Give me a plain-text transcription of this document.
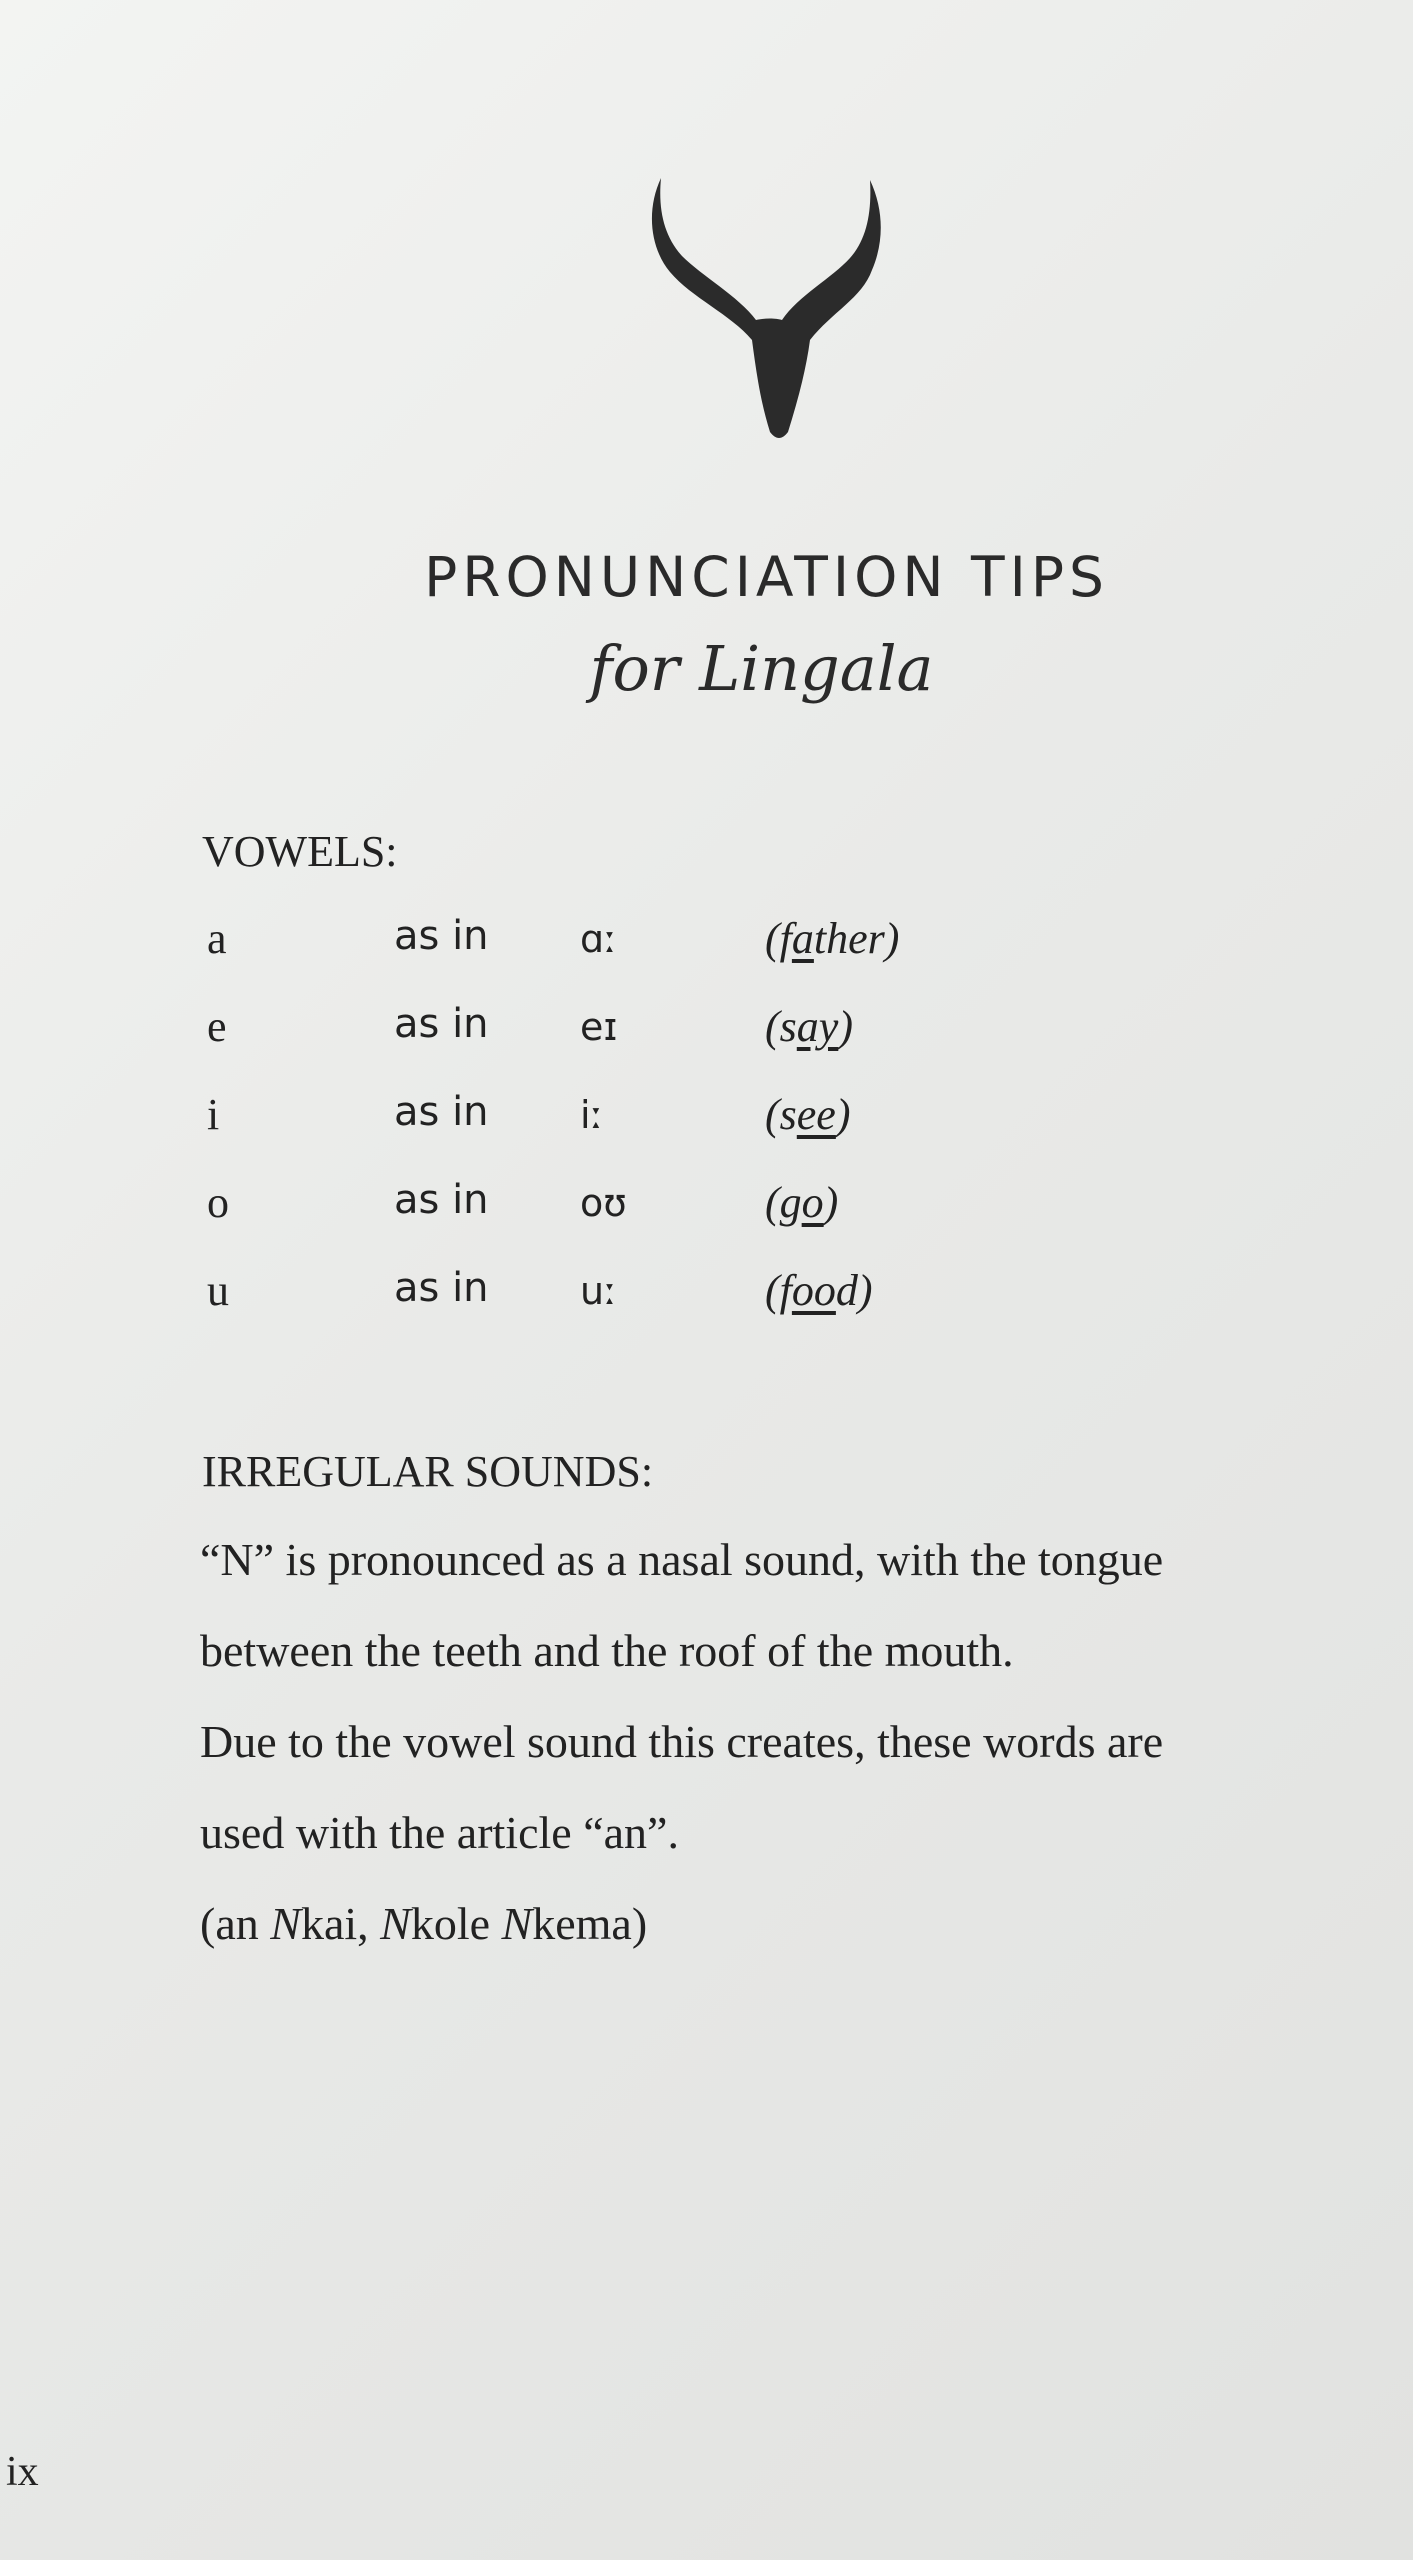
PRONUNCIATION TIPS
for Lingala
VOWELS:
a	as in ɑː	(father)
e	as in eɪ	(say)
i	as in iː	(see)
o	as in oʊ	(go)
u	as in uː	(food)
IRREGULAR SOUNDS:

“N” is pronounced as a nasal sound, with the tongue

between the teeth and the roof of the mouth.

Due to the vowel sound this creates, these words are

used with the article “an”.

(an Nkai, Nkole Nkema)

ix
